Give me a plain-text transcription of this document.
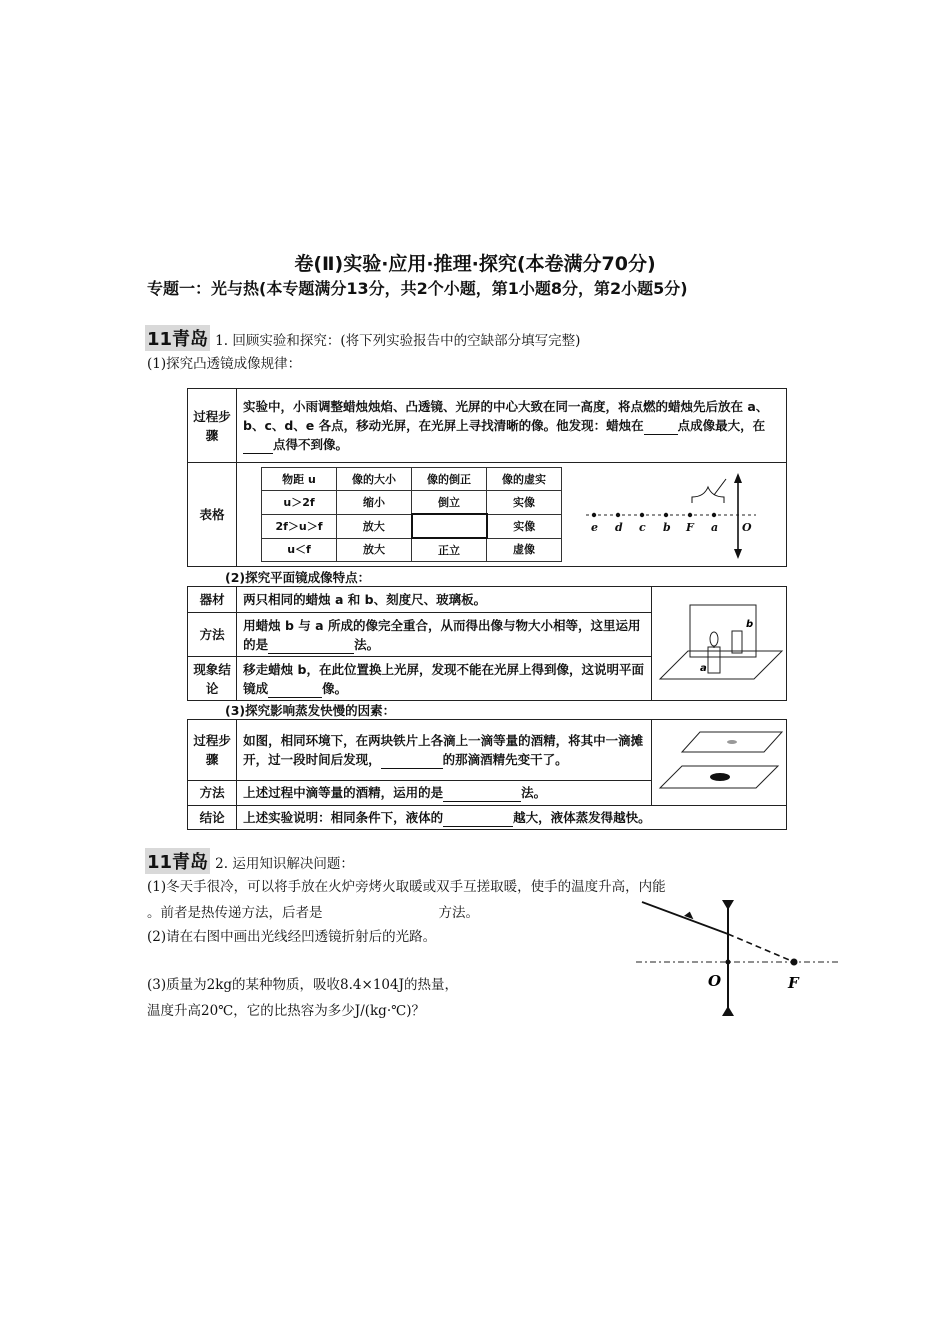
卷(Ⅱ)实验·应用·推理·探究(本卷满分70分)
专题一：光与热(本专题满分13分，共2个小题，第1小题8分，第2小题5分)
11青岛 1. 回顾实验和探究：(将下列实验报告中的空缺部分填写完整)
(1)探究凸透镜成像规律：
过程步骤	实验中，小雨调整蜡烛烛焰、凸透镜、光屏的中心大致在同一高度，将点燃的蜡烛先后放在 a、b、c、d、e 各点，移动光屏，在光屏上寻找清晰的像。他发现：蜡烛在	点成像最大，在点得不到像。
表格	
物距 u	像的大小	像的倒正	像的虚实
u＞2f	缩小	倒立	实像
2f＞u＞f	放大		实像
u＜f	放大	正立	虚像
e d c b F a O
(2)探究平面镜成像特点：
器材	两只相同的蜡烛 a 和 b、刻度尺、玻璃板。	a
b

方法	用蜡烛 b 与 a 所成的像完全重合，从而得出像与物大小相等，这里运用的是 法。	
现象结论	移走蜡烛 b，在此位置换上光屏，发现不能在光屏上得到像，这说明平面镜成 像。	
(3)探究影响蒸发快慢的因素：
过程步骤	如图，相同环境下，在两块铁片上各滴上一滴等量的酒精，将其中一滴摊开，过一段时间后发现， 的那滴酒精先变干了。	
方法	上述过程中滴等量的酒精，运用的是 法。	
结论	上述实验说明：相同条件下，液体的 越大，液体蒸发得越快。	
11青岛 2. 运用知识解决问题：
(1)冬天手很冷，可以将手放在火炉旁烤火取暖或双手互搓取暖，使手的温度升高，内能
。前者是热传递方法，后者是	方法。
(2)请在右图中画出光线经凹透镜折射后的光路。
(3)质量为2kg的某种物质，吸收8.4×104J的热量，
温度升高20℃，它的比热容为多少J/(kg·℃)？
O	F
